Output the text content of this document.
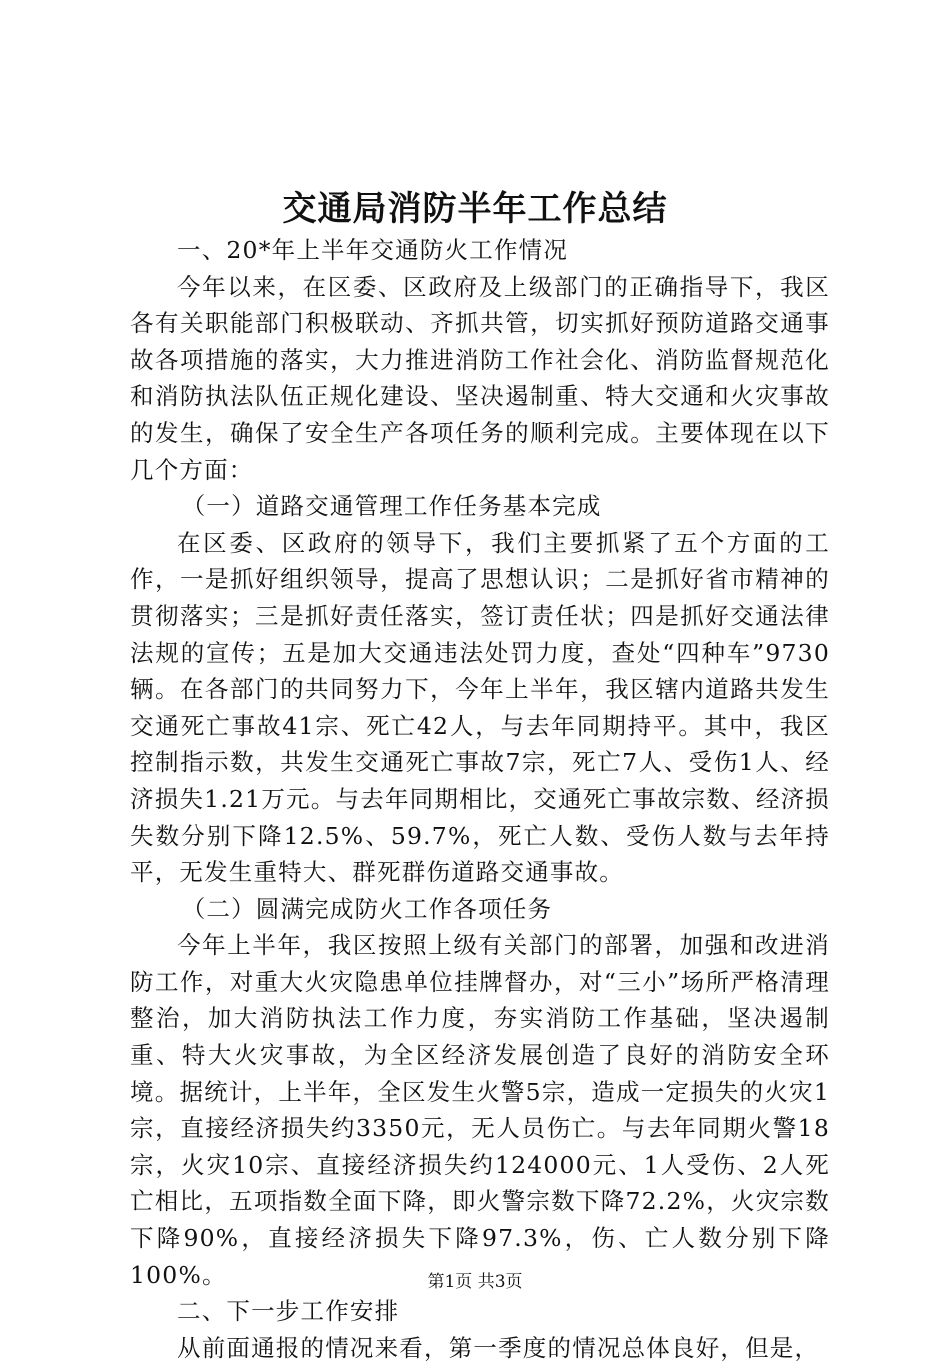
交通局消防半年工作总结

一、20*年上半年交通防火工作情况

今年以来，在区委、区政府及上级部门的正确指导下，我区各有关职能部门积极联动、齐抓共管，切实抓好预防道路交通事故各项措施的落实，大力推进消防工作社会化、消防监督规范化和消防执法队伍正规化建设、坚决遏制重、特大交通和火灾事故的发生，确保了安全生产各项任务的顺利完成。主要体现在以下几个方面：

（一）道路交通管理工作任务基本完成

在区委、区政府的领导下，我们主要抓紧了五个方面的工作，一是抓好组织领导，提高了思想认识；二是抓好省市精神的贯彻落实；三是抓好责任落实，签订责任状；四是抓好交通法律法规的宣传；五是加大交通违法处罚力度，查处“四种车”9730辆。在各部门的共同努力下，今年上半年，我区辖内道路共发生交通死亡事故41宗、死亡42人，与去年同期持平。其中，我区控制指示数，共发生交通死亡事故7宗，死亡7人、受伤1人、经济损失1.21万元。与去年同期相比，交通死亡事故宗数、经济损失数分别下降12.5%、59.7%，死亡人数、受伤人数与去年持平，无发生重特大、群死群伤道路交通事故。

（二）圆满完成防火工作各项任务

今年上半年，我区按照上级有关部门的部署，加强和改进消防工作，对重大火灾隐患单位挂牌督办，对“三小”场所严格清理整治，加大消防执法工作力度，夯实消防工作基础，坚决遏制重、特大火灾事故，为全区经济发展创造了良好的消防安全环境。据统计，上半年，全区发生火警5宗，造成一定损失的火灾1宗，直接经济损失约3350元，无人员伤亡。与去年同期火警18宗，火灾10宗、直接经济损失约124000元、1人受伤、2人死亡相比，五项指数全面下降，即火警宗数下降72.2%，火灾宗数下降90%，直接经济损失下降97.3%，伤、亡人数分别下降100%。

二、下一步工作安排

从前面通报的情况来看，第一季度的情况总体良好，但是，

第1页 共3页
